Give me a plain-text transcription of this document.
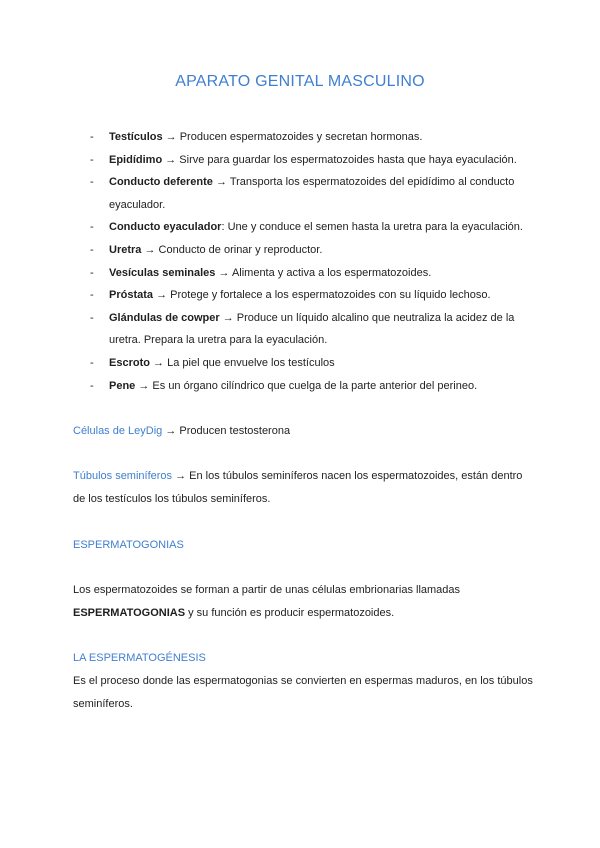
APARATO GENITAL MASCULINO
- Testículos → Producen espermatozoides y secretan hormonas.
- Epidídimo → Sirve para guardar los espermatozoides hasta que haya eyaculación.
- Conducto deferente → Transporta los espermatozoides del epidídimo al conducto eyaculador.
- Conducto eyaculador: Une y conduce el semen hasta la uretra para la eyaculación.
- Uretra → Conducto de orinar y reproductor.
- Vesículas seminales → Alimenta y activa a los espermatozoides.
- Próstata → Protege y fortalece a los espermatozoides con su líquido lechoso.
- Glándulas de cowper → Produce un líquido alcalino que neutraliza la acidez de la uretra. Prepara la uretra para la eyaculación.
- Escroto → La piel que envuelve los testículos
- Pene → Es un órgano cilíndrico que cuelga de la parte anterior del perineo.
Células de LeyDig → Producen testosterona
Túbulos seminíferos → En los túbulos seminíferos nacen los espermatozoides, están dentro de los testículos los túbulos seminíferos.
ESPERMATOGONIAS
Los espermatozoides se forman a partir de unas células embrionarias llamadas ESPERMATOGONIAS y su función es producir espermatozoides.
LA ESPERMATOGÉNESIS
Es el proceso donde las espermatogonias se convierten en espermas maduros, en los túbulos seminíferos.
